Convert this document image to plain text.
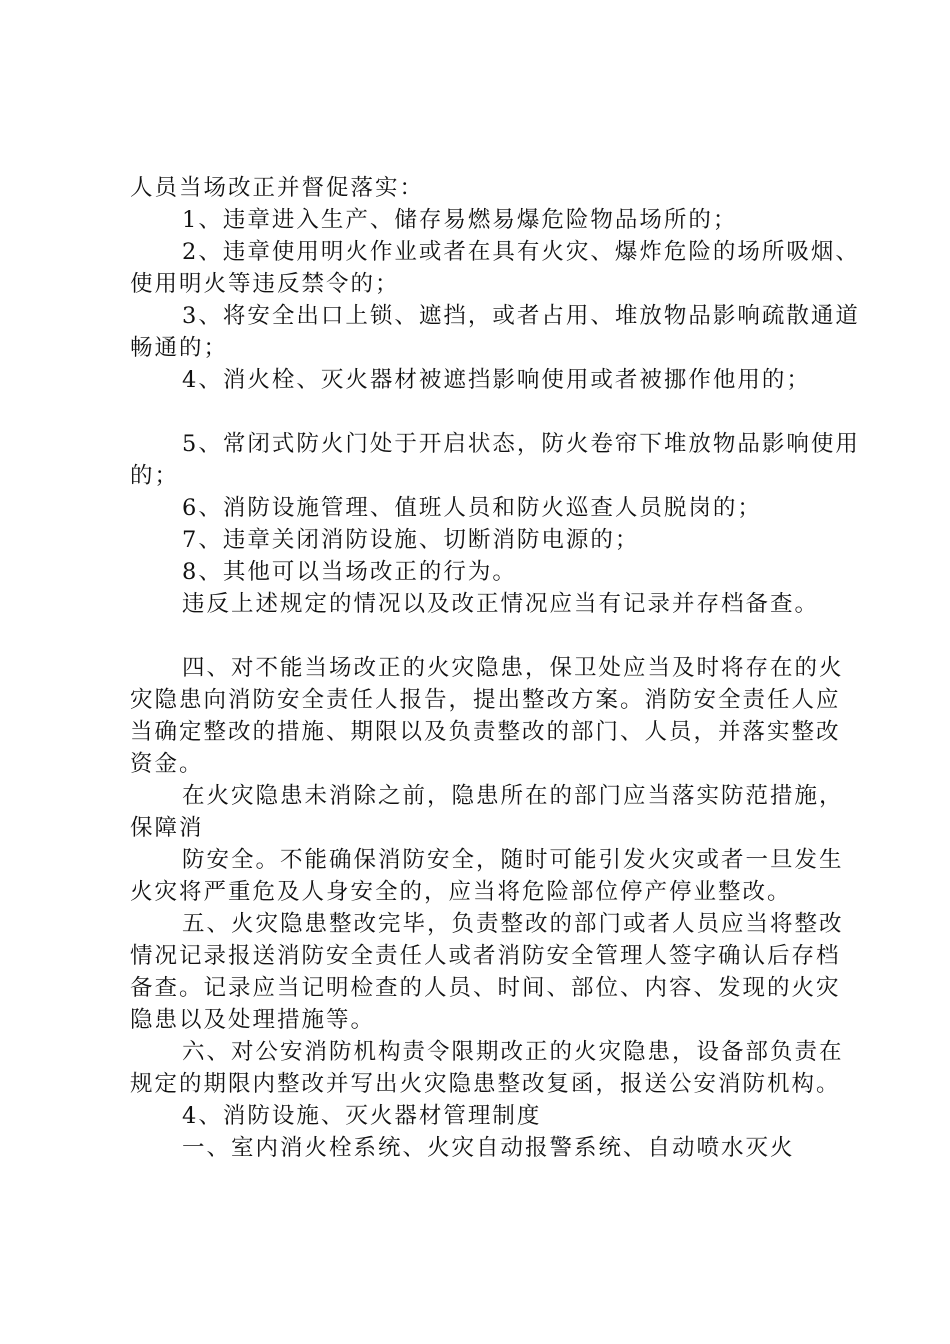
人员当场改正并督促落实：

1、违章进入生产、储存易燃易爆危险物品场所的；

2、违章使用明火作业或者在具有火灾、爆炸危险的场所吸烟、使用明火等违反禁令的；

3、将安全出口上锁、遮挡，或者占用、堆放物品影响疏散通道畅通的；

4、消火栓、灭火器材被遮挡影响使用或者被挪作他用的；

5、常闭式防火门处于开启状态，防火卷帘下堆放物品影响使用的；

6、消防设施管理、值班人员和防火巡查人员脱岗的；

7、违章关闭消防设施、切断消防电源的；

8、其他可以当场改正的行为。

违反上述规定的情况以及改正情况应当有记录并存档备查。

四、对不能当场改正的火灾隐患，保卫处应当及时将存在的火灾隐患向消防安全责任人报告，提出整改方案。消防安全责任人应当确定整改的措施、期限以及负责整改的部门、人员，并落实整改资金。

在火灾隐患未消除之前，隐患所在的部门应当落实防范措施，保障消

防安全。不能确保消防安全，随时可能引发火灾或者一旦发生火灾将严重危及人身安全的，应当将危险部位停产停业整改。

五、火灾隐患整改完毕，负责整改的部门或者人员应当将整改情况记录报送消防安全责任人或者消防安全管理人签字确认后存档备查。记录应当记明检查的人员、时间、部位、内容、发现的火灾隐患以及处理措施等。

六、对公安消防机构责令限期改正的火灾隐患，设备部负责在规定的期限内整改并写出火灾隐患整改复函，报送公安消防机构。

4、消防设施、灭火器材管理制度

一、室内消火栓系统、火灾自动报警系统、自动喷水灭火
